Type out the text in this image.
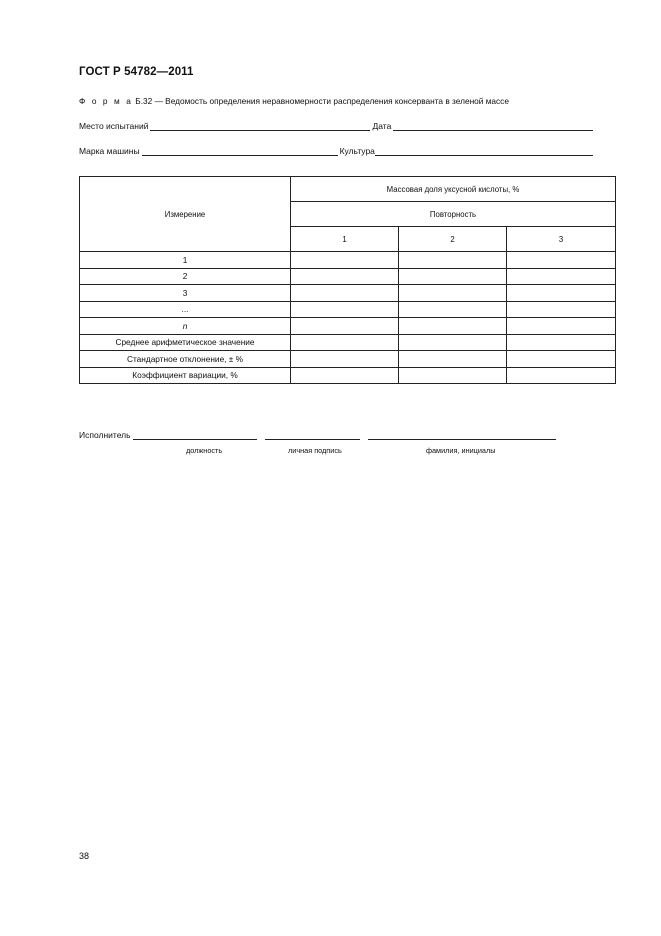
ГОСТ Р 54782—2011
Ф о р м а Б.32 — Ведомость определения неравномерности распределения консерванта в зеленой массе
Место испытаний	Дата
Марка машины	Культура
Измерение	Массовая доля уксусной кислоты, %		
	Повторность		
	1	2	3
1			
2			
3			
...			
n			
Среднее арифметическое значение			
Стандартное отклонение, ± %			
Коэффициент вариации, %			
Исполнитель
должность	личная подпись	фамилия, инициалы
38
